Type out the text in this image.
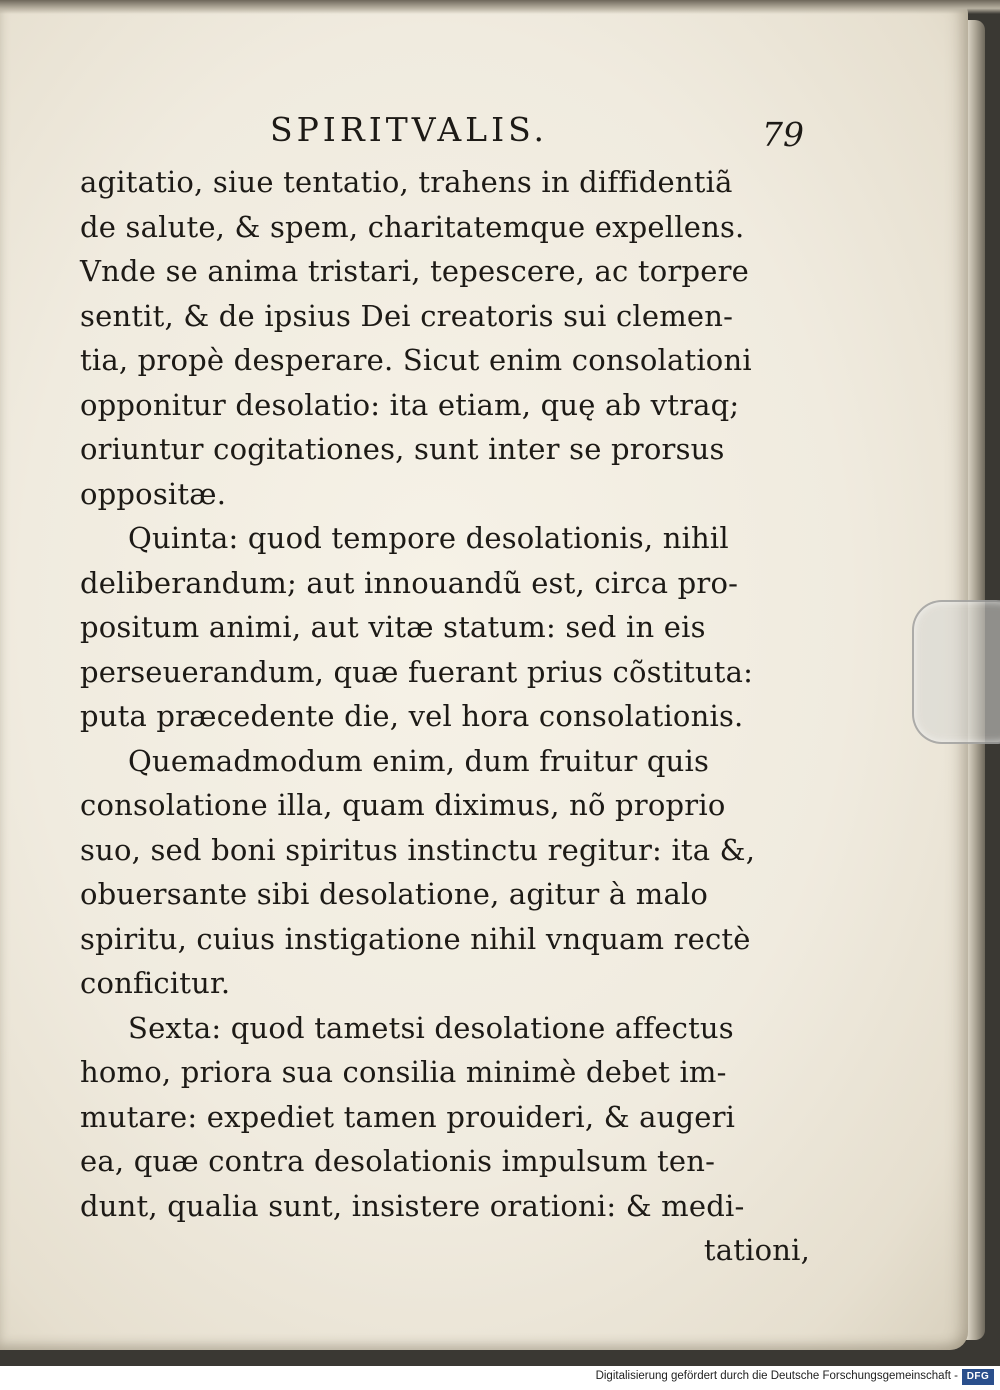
SPIRITVALIS.	79
agitatio, siue tentatio, trahens in diffidentiã
de salute, & spem, charitatemque expellens.
Vnde se anima tristari, tepescere, ac torpere
sentit, & de ipsius Dei creatoris sui clemen-
tia, propè desperare. Sicut enim consolationi
opponitur desolatio: ita etiam, quę ab vtraq;
oriuntur cogitationes, sunt inter se prorsus
oppositæ.
Quinta: quod tempore desolationis, nihil
deliberandum; aut innouandũ est, circa pro-
positum animi, aut vitæ statum: sed in eis
perseuerandum, quæ fuerant prius cõstituta:
puta præcedente die, vel hora consolationis.
Quemadmodum enim, dum fruitur quis
consolatione illa, quam diximus, nõ proprio
suo, sed boni spiritus instinctu regitur: ita &,
obuersante sibi desolatione, agitur à malo
spiritu, cuius instigatione nihil vnquam rectè
conficitur.
Sexta: quod tametsi desolatione affectus
homo, priora sua consilia minimè debet im-
mutare: expediet tamen prouideri, & augeri
ea, quæ contra desolationis impulsum ten-
dunt, qualia sunt, insistere orationi: & medi-
tationi,
Digitalisierung gefördert durch die Deutsche Forschungsgemeinschaft - DFG
